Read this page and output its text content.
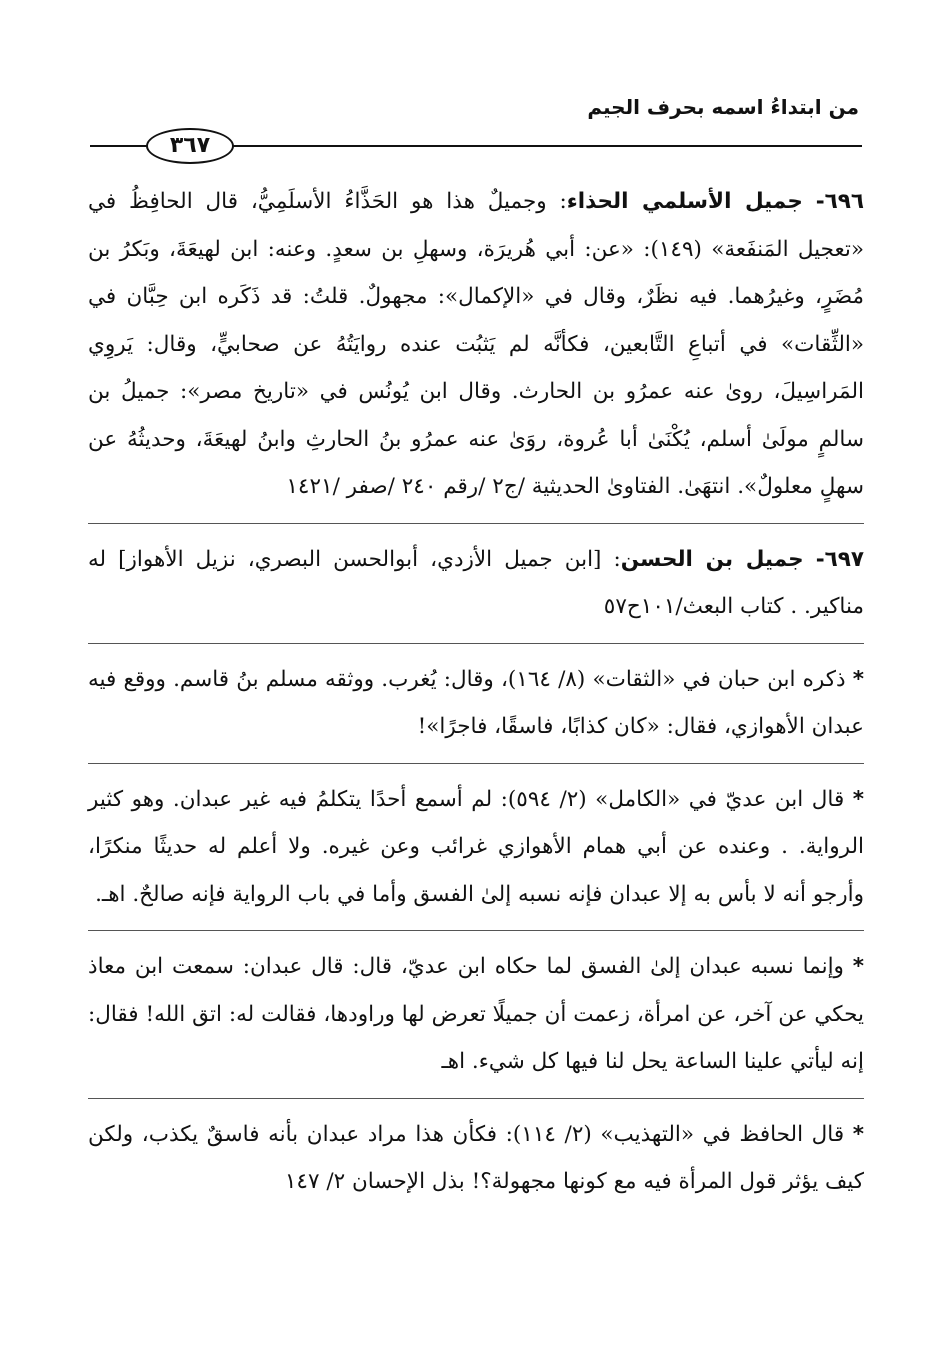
من ابتداءُ اسمه بحرف الجيم
٣٦٧

٦٩٦- جميل الأسلمي الحذاء: وجميلٌ هذا هو الحَذَّاءُ الأسلَمِيُّ، قال الحافِظُ في «تعجيل المَنفَعة» (١٤٩): «عن: أبي هُريرَة، وسهلِ بن سعدٍ. وعنه: ابن لهيعَةَ، وبَكرُ بن مُضَرٍ، وغيرُهما. فيه نظَرٌ، وقال في «الإكمال»: مجهولٌ. قلتُ: قد ذَكَره ابن حِبَّان في «الثِّقات» في أتباعِ التَّابعين، فكأنَّه لم يَثبُت عنده روايَتُهُ عن صحابيٍّ، وقال: يَروِي المَراسِيلَ، روىٰ عنه عمرُو بن الحارث. وقال ابن يُونُس في «تاريخ مصر»: جميلُ بن سالمٍ مولَىٰ أسلم، يُكْنَىٰ أبا عُروة، روَىٰ عنه عمرُو بنُ الحارثِ وابنُ لهيعَةَ، وحديثُهُ عن سهلٍ معلولٌ». انتهَىٰ. الفتاوىٰ الحديثية /ج٢ /رقم ٢٤٠ /صفر /١٤٢١

٦٩٧- جميل بن الحسن: [ابن جميل الأزدي، أبوالحسن البصري، نزيل الأهواز] له مناكير. . كتاب البعث/١٠١ح٥٧

* ذكره ابن حبان في «الثقات» (٨/ ١٦٤)، وقال: يُغرب. ووثقه مسلم بنُ قاسم. ووقع فيه عبدان الأهوازي، فقال: «كان كذابًا، فاسقًا، فاجرًا»!

* قال ابن عديّ في «الكامل» (٢/ ٥٩٤): لم أسمع أحدًا يتكلمُ فيه غير عبدان. وهو كثير الرواية. . وعنده عن أبي همام الأهوازي غرائب وعن غيره. ولا أعلم له حديثًا منكرًا، وأرجو أنه لا بأس به إلا عبدان فإنه نسبه إلىٰ الفسق وأما في باب الرواية فإنه صالحٌ. اهـ.

* وإنما نسبه عبدان إلىٰ الفسق لما حكاه ابن عديّ، قال: قال عبدان: سمعت ابن معاذ يحكي عن آخر، عن امرأة، زعمت أن جميلًا تعرض لها وراودها، فقالت له: اتق الله! فقال: إنه ليأتي علينا الساعة يحل لنا فيها كل شيء. اهـ

* قال الحافظ في «التهذيب» (٢/ ١١٤): فكأن هذا مراد عبدان بأنه فاسقٌ يكذب، ولكن كيف يؤثر قول المرأة فيه مع كونها مجهولة؟! بذل الإحسان ٢/ ١٤٧
